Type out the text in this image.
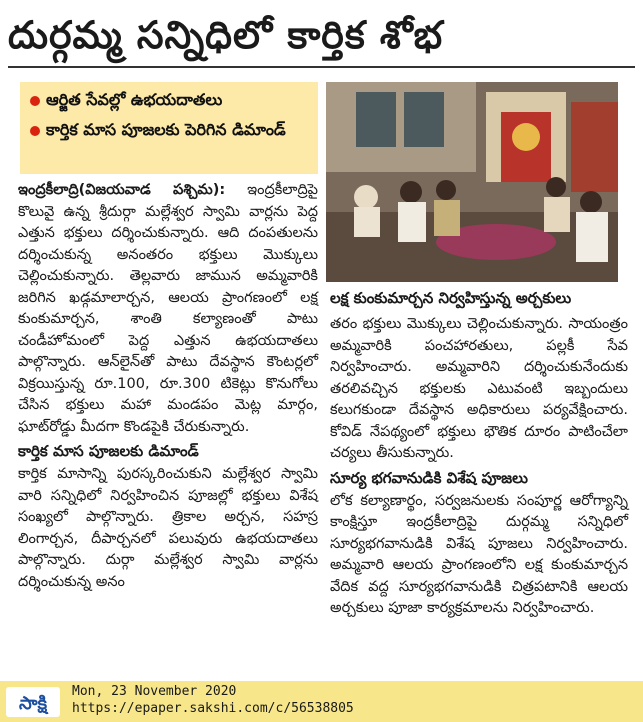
దుర్గమ్మ సన్నిధిలో కార్తిక శోభ
ఆర్జిత సేవల్లో ఉభయదాతలు
కార్తిక మాస పూజలకు పెరిగిన డిమాండ్

ఇంద్రకీలాద్రి(విజయవాడ పశ్చిమ): ఇంద్రకీలాద్రిపై కొలువై ఉన్న శ్రీదుర్గా మల్లేశ్వర స్వామి వార్లను పెద్ద ఎత్తున భక్తులు దర్శించుకున్నారు. ఆది దంపతులను దర్శించుకున్న అనంతరం భక్తులు మొక్కులు చెల్లించుకున్నారు. తెల్లవారు జామున అమ్మవారికి జరిగిన ఖడ్గమాలార్చన, ఆలయ ప్రాంగణంలో లక్ష కుంకుమార్చన, శాంతి కల్యాణంతో పాటు చండీహోమంలో పెద్ద ఎత్తున ఉభయదాతలు పాల్గొన్నారు. ఆన్‌లైన్‌తో పాటు దేవస్థాన కౌంటర్లలో విక్రయిస్తున్న రూ.100, రూ.300 టికెట్లు కొనుగోలు చేసిన భక్తులు మహా మండపం మెట్ల మార్గం, ఘాట్‌రోడ్డు మీదగా కొండపైకి చేరుకున్నారు.

కార్తిక మాస పూజలకు డిమాండ్

కార్తిక మాసాన్ని పురస్కరించుకుని మల్లేశ్వర స్వామి వారి సన్నిధిలో నిర్వహించిన పూజల్లో భక్తులు విశేష సంఖ్యలో పాల్గొన్నారు. త్రికాల అర్చన, సహస్ర లింగార్చన, దీపార్చనలో పలువురు ఉభయదాతలు పాల్గొన్నారు. దుర్గా మల్లేశ్వర స్వామి వార్లను దర్శించుకున్న అనం

లక్ష కుంకుమార్చన నిర్వహిస్తున్న అర్చకులు

తరం భక్తులు మొక్కులు చెల్లించుకున్నారు. సాయంత్రం అమ్మవారికి పంచహారతులు, పల్లకీ సేవ నిర్వహించారు. అమ్మవారిని దర్శించుకునేందుకు తరలివచ్చిన భక్తులకు ఎటువంటి ఇబ్బందులు కలుగకుండా దేవస్థాన అధికారులు పర్యవేక్షించారు. కోవిడ్ నేపథ్యంలో భక్తులు భౌతిక దూరం పాటించేలా చర్యలు తీసుకున్నారు.

సూర్య భగవానుడికి విశేష పూజలు

లోక కల్యాణార్థం, సర్వజనులకు సంపూర్ణ ఆరోగ్యాన్ని కాంక్షిస్తూ ఇంద్రకీలాద్రిపై దుర్గమ్మ సన్నిధిలో సూర్యభగవానుడికి విశేష పూజలు నిర్వహించారు. అమ్మవారి ఆలయ ప్రాంగణంలోని లక్ష కుంకుమార్చన వేదిక వద్ద సూర్యభగవానుడికి చిత్రపటానికి ఆలయ అర్చకులు పూజా కార్యక్రమాలను నిర్వహించారు.

సాక్షి
Mon, 23 November 2020
https://epaper.sakshi.com/c/56538805
